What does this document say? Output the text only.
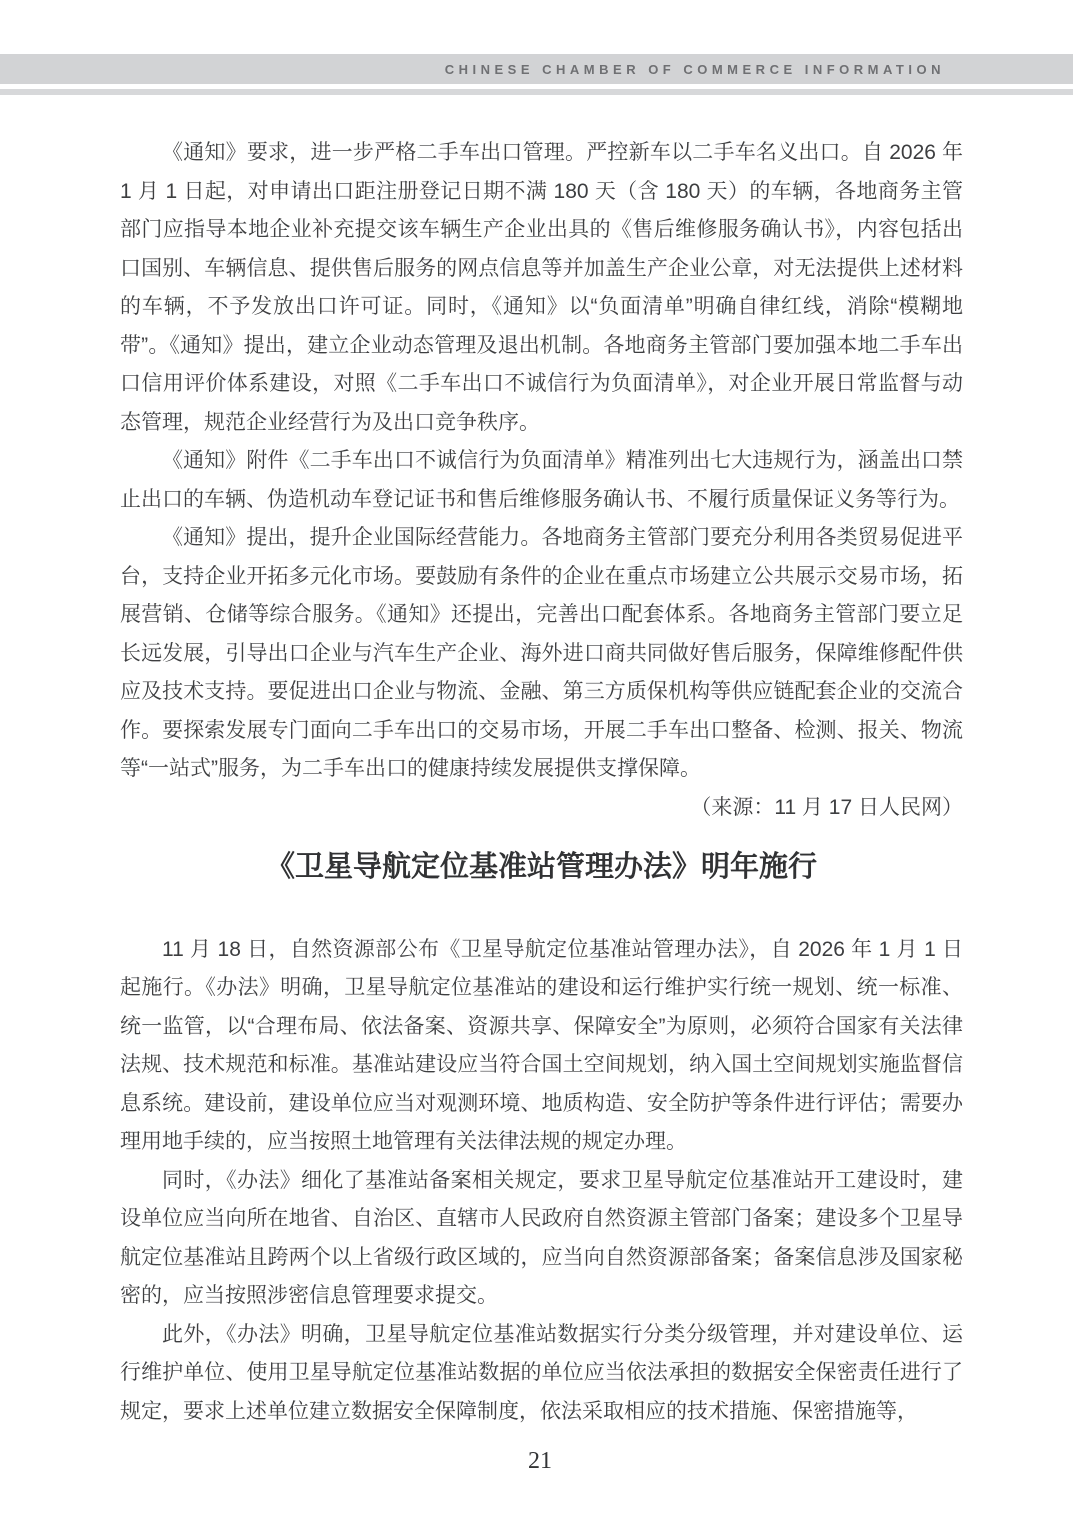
CHINESE CHAMBER OF COMMERCE INFORMATION

《通知》要求，进一步严格二手车出口管理。严控新车以二手车名义出口。自 2026 年 1 月 1 日起，对申请出口距注册登记日期不满 180 天（含 180 天）的车辆，各地商务主管部门应指导本地企业补充提交该车辆生产企业出具的《售后维修服务确认书》，内容包括出口国别、车辆信息、提供售后服务的网点信息等并加盖生产企业公章，对无法提供上述材料的车辆，不予发放出口许可证。同时，《通知》以“负面清单”明确自律红线，消除“模糊地带”。《通知》提出，建立企业动态管理及退出机制。各地商务主管部门要加强本地二手车出口信用评价体系建设，对照《二手车出口不诚信行为负面清单》，对企业开展日常监督与动态管理，规范企业经营行为及出口竞争秩序。

《通知》附件《二手车出口不诚信行为负面清单》精准列出七大违规行为，涵盖出口禁止出口的车辆、伪造机动车登记证书和售后维修服务确认书、不履行质量保证义务等行为。

《通知》提出，提升企业国际经营能力。各地商务主管部门要充分利用各类贸易促进平台，支持企业开拓多元化市场。要鼓励有条件的企业在重点市场建立公共展示交易市场，拓展营销、仓储等综合服务。《通知》还提出，完善出口配套体系。各地商务主管部门要立足长远发展，引导出口企业与汽车生产企业、海外进口商共同做好售后服务，保障维修配件供应及技术支持。要促进出口企业与物流、金融、第三方质保机构等供应链配套企业的交流合作。要探索发展专门面向二手车出口的交易市场，开展二手车出口整备、检测、报关、物流等“一站式”服务，为二手车出口的健康持续发展提供支撑保障。
（来源：11 月 17 日人民网）

《卫星导航定位基准站管理办法》明年施行

11 月 18 日，自然资源部公布《卫星导航定位基准站管理办法》，自 2026 年 1 月 1 日起施行。《办法》明确，卫星导航定位基准站的建设和运行维护实行统一规划、统一标准、统一监管，以“合理布局、依法备案、资源共享、保障安全”为原则，必须符合国家有关法律法规、技术规范和标准。基准站建设应当符合国土空间规划，纳入国土空间规划实施监督信息系统。建设前，建设单位应当对观测环境、地质构造、安全防护等条件进行评估；需要办理用地手续的，应当按照土地管理有关法律法规的规定办理。

同时，《办法》细化了基准站备案相关规定，要求卫星导航定位基准站开工建设时，建设单位应当向所在地省、自治区、直辖市人民政府自然资源主管部门备案；建设多个卫星导航定位基准站且跨两个以上省级行政区域的，应当向自然资源部备案；备案信息涉及国家秘密的，应当按照涉密信息管理要求提交。

此外，《办法》明确，卫星导航定位基准站数据实行分类分级管理，并对建设单位、运行维护单位、使用卫星导航定位基准站数据的单位应当依法承担的数据安全保密责任进行了规定，要求上述单位建立数据安全保障制度，依法采取相应的技术措施、保密措施等，

21
